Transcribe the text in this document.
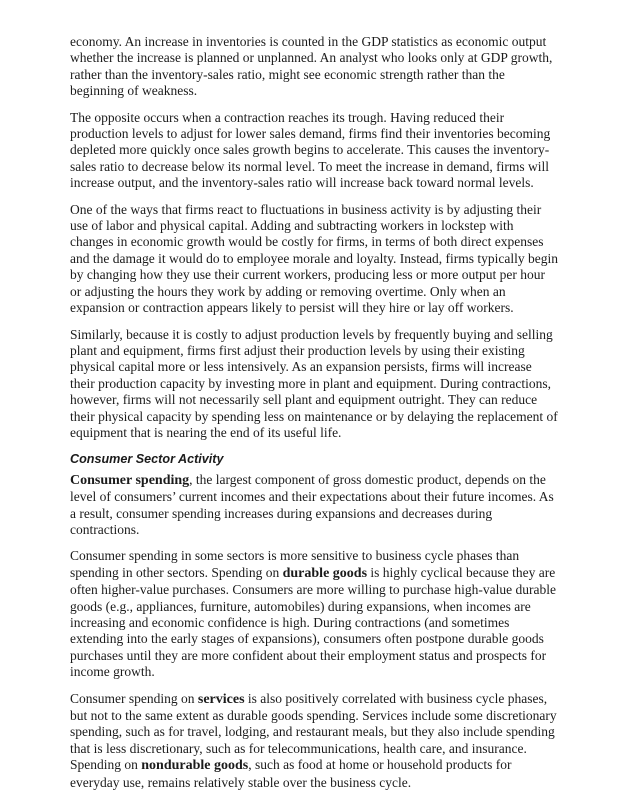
economy. An increase in inventories is counted in the GDP statistics as economic output whether the increase is planned or unplanned. An analyst who looks only at GDP growth, rather than the inventory-sales ratio, might see economic strength rather than the beginning of weakness.

The opposite occurs when a contraction reaches its trough. Having reduced their production levels to adjust for lower sales demand, firms find their inventories becoming depleted more quickly once sales growth begins to accelerate. This causes the inventory-sales ratio to decrease below its normal level. To meet the increase in demand, firms will increase output, and the inventory-sales ratio will increase back toward normal levels.

One of the ways that firms react to fluctuations in business activity is by adjusting their use of labor and physical capital. Adding and subtracting workers in lockstep with changes in economic growth would be costly for firms, in terms of both direct expenses and the damage it would do to employee morale and loyalty. Instead, firms typically begin by changing how they use their current workers, producing less or more output per hour or adjusting the hours they work by adding or removing overtime. Only when an expansion or contraction appears likely to persist will they hire or lay off workers.

Similarly, because it is costly to adjust production levels by frequently buying and selling plant and equipment, firms first adjust their production levels by using their existing physical capital more or less intensively. As an expansion persists, firms will increase their production capacity by investing more in plant and equipment. During contractions, however, firms will not necessarily sell plant and equipment outright. They can reduce their physical capacity by spending less on maintenance or by delaying the replacement of equipment that is nearing the end of its useful life.

Consumer Sector Activity

Consumer spending, the largest component of gross domestic product, depends on the level of consumers’ current incomes and their expectations about their future incomes. As a result, consumer spending increases during expansions and decreases during contractions.

Consumer spending in some sectors is more sensitive to business cycle phases than spending in other sectors. Spending on durable goods is highly cyclical because they are often higher-value purchases. Consumers are more willing to purchase high-value durable goods (e.g., appliances, furniture, automobiles) during expansions, when incomes are increasing and economic confidence is high. During contractions (and sometimes extending into the early stages of expansions), consumers often postpone durable goods purchases until they are more confident about their employment status and prospects for income growth.

Consumer spending on services is also positively correlated with business cycle phases, but not to the same extent as durable goods spending. Services include some discretionary spending, such as for travel, lodging, and restaurant meals, but they also include spending that is less discretionary, such as for telecommunications, health care, and insurance. Spending on nondurable goods, such as food at home or household products for everyday use, remains relatively stable over the business cycle.
